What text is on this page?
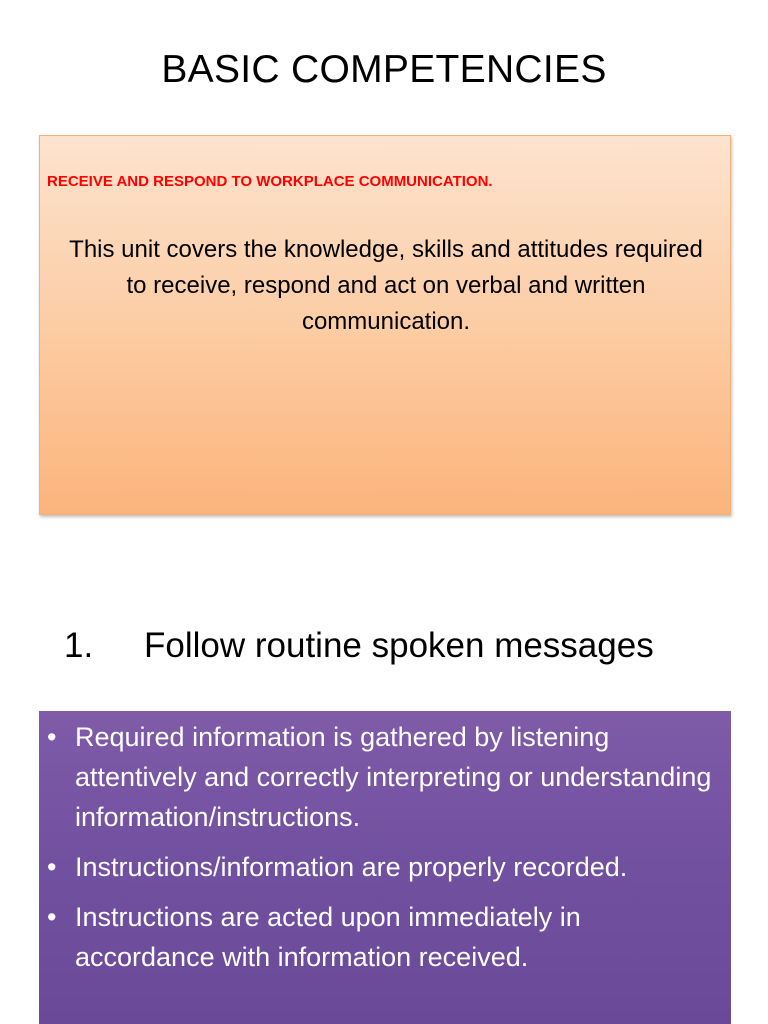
BASIC COMPETENCIES
RECEIVE AND RESPOND TO WORKPLACE COMMUNICATION.
This unit covers the knowledge, skills and attitudes required to receive, respond and act on verbal and written communication.
1. Follow routine spoken messages
• Required information is gathered by listening attentively and correctly interpreting or understanding information/instructions.
• Instructions/information are properly recorded.
• Instructions are acted upon immediately in accordance with information received.
